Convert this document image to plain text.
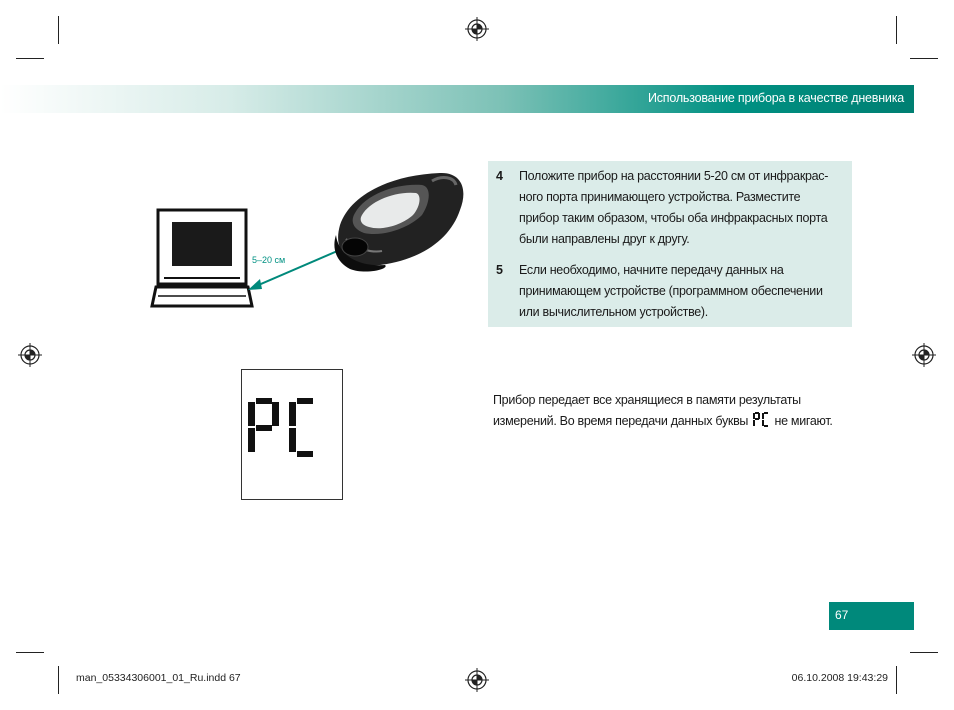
Использование прибора в качестве дневника
5–20 см
4 Положите прибор на расстоянии 5-20 см от инфракрас-
ного порта принимающего устройства. Разместите
прибор таким образом, чтобы оба инфракрасных порта
были направлены друг к другу.
5 Если необходимо, начните передачу данных на
принимающем устройстве (программном обеспечении
или вычислительном устройстве).
Прибор передает все хранящиеся в памяти результаты
измерений. Во время передачи данных буквы не мигают.
67
man_05334306001_01_Ru.indd 67	06.10.2008 19:43:29
